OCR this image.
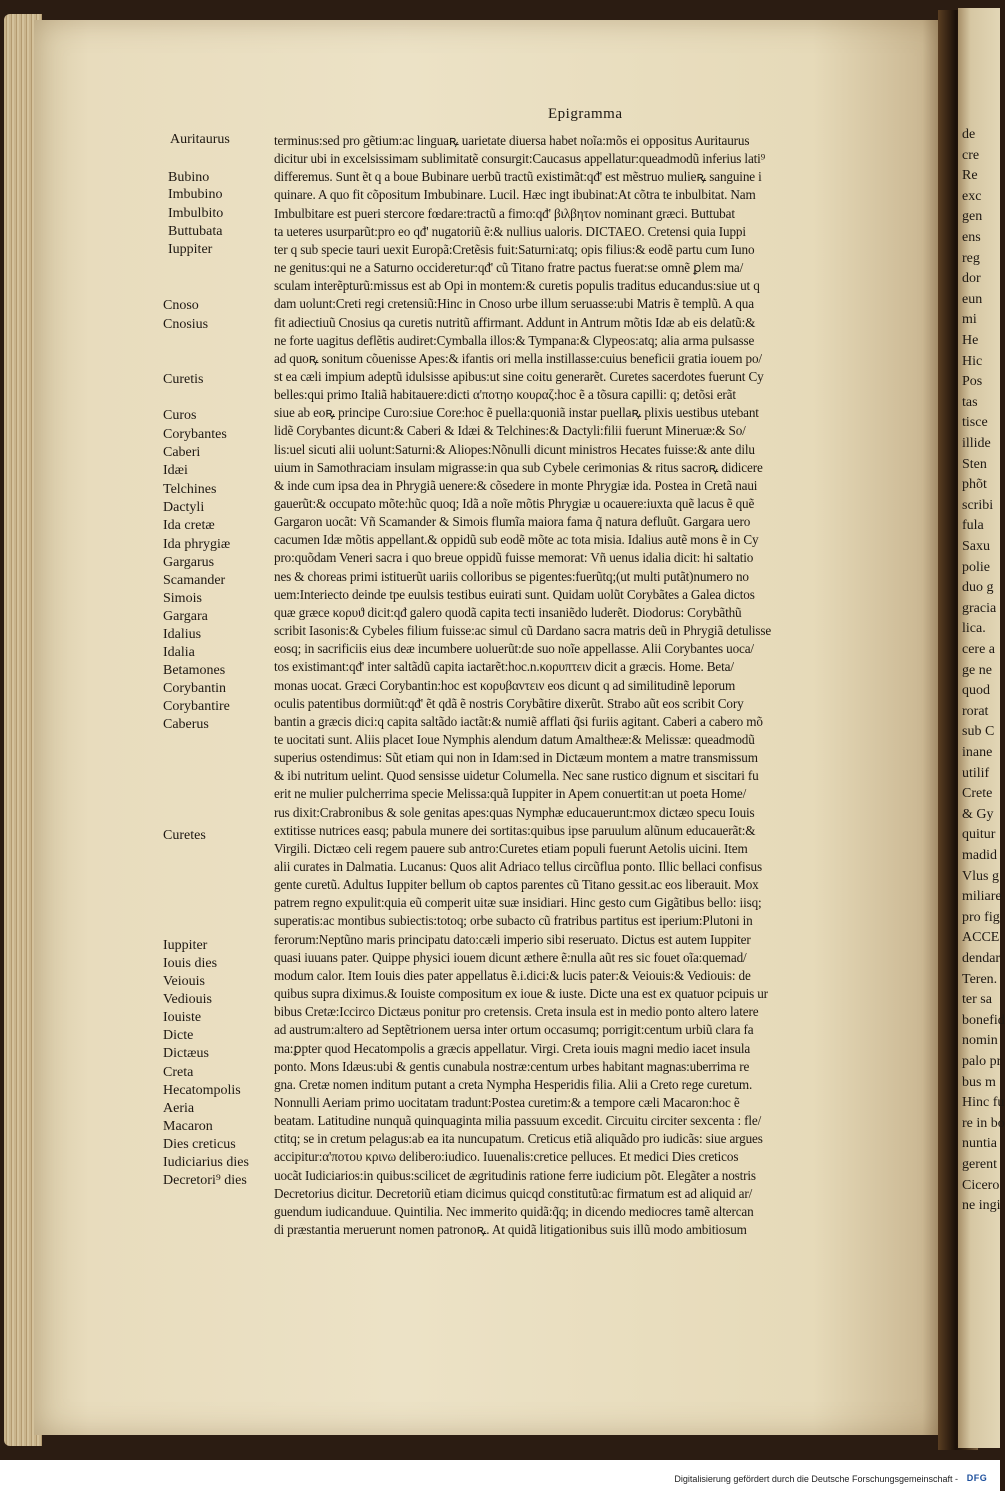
de
cre
Re
exc
gen
ens
reg
dor
eun
mi
He
Hic
Pos
tas
tisce
illide
Sten
phõt
scribi
fula
Saxu
polie
duo g
gracia
lica.
cere a
ge ne
quod
rorat
sub C
inane
utilif
Crete
& Gy
quitur
madid
Vlus g
miliare
pro fig
ACCE
dendar
Teren.
ter sa
bonefid
nomin
palo pr
bus m
Hinc fu
re in bo
nuntia
gerent
Cicero
ne ingi
Epigramma
Auritaurus
Bubino
Imbubino
Imbulbito
Buttubata
Iuppiter
Cnoso
Cnosius
Curetis
Curos
Corybantes
Caberi
Idæi
Telchines
Dactyli
Ida cretæ
Ida phrygiæ
Gargarus
Scamander
Simois
Gargara
Idalius
Idalia
Betamones
Corybantin
Corybantire
Caberus
Curetes
Iuppiter
Iouis dies
Veiouis
Vediouis
Iouiste
Dicte
Dictæus
Creta
Hecatompolis
Aeria
Macaron
Dies creticus
Iudiciarius dies
Decretori⁹ dies
terminus:sed pro gẽtium:ac linguaꝶ uarietate diuersa habet noĩa:mõs ei oppositus Auritaurus
dicitur ubi in excelsissimam sublimitatẽ consurgit:Caucasus appellatur:queadmodũ inferius lati⁹
differemus. Sunt ẽt q a boue Bubinare uerbũ tractũ existimãt:qđ' est mẽstruo mulieꝶ sanguine i
quinare. A quo fit cõpositum Imbubinare. Lucil. Hæc ingt ibubinat:At cõtra te inbulbitat. Nam
Imbulbitare est pueri stercore fœdare:tractũ a fimo:qđ' βιλβητον nominant græci. Buttubat
ta ueteres usurparũt:pro eo qđ' nugatoriũ ẽ:& nullius ualoris. DICTAEO. Cretensi quia Iuppi
ter q sub specie tauri uexit Europã:Cretẽsis fuit:Saturni:atq; opis filius:& eodẽ partu cum Iuno
ne genitus:qui ne a Saturno occideretur:qđ' cũ Titano fratre pactus fuerat:se omnẽ ꝑlem ma/
sculam interẽpturũ:missus est ab Opi in montem:& curetis populis traditus educandus:siue ut q
dam uolunt:Creti regi cretensiũ:Hinc in Cnoso urbe illum seruasse:ubi Matris ẽ templũ. A qua
fit adiectiuũ Cnosius qa curetis nutritũ affirmant. Addunt in Antrum mõtis Idæ ab eis delatũ:&
ne forte uagitus deflẽtis audiret:Cymballa illos:& Tympana:& Clypeos:atq; alia arma pulsasse
ad quoꝶ sonitum cõuenisse Apes:& ifantis ori mella instillasse:cuius beneficii gratia iouem po/
st ea cæli impium adeptũ idulsisse apibus:ut sine coitu generarẽt. Curetes sacerdotes fuerunt Cy
belles:qui primo Italiã habitauere:dicti α'ποτηο κουραζ:hoc ẽ a tõsura capilli: q; detõsi erãt
siue ab eoꝶ principe Curo:siue Core:hoc ẽ puella:quoniã instar puellaꝶ plixis uestibus utebant
lidẽ Corybantes dicunt:& Caberi & Idæi & Telchines:& Dactyli:filii fuerunt Mineruæ:& So/
lis:uel sicuti alii uolunt:Saturni:& Aliopes:Nõnulli dicunt ministros Hecates fuisse:& ante dilu
uium in Samothraciam insulam migrasse:in qua sub Cybele cerimonias & ritus sacroꝶ didicere
& inde cum ipsa dea in Phrygiã uenere:& cõsedere in monte Phrygiæ ida. Postea in Cretã naui
gauerũt:& occupato mõte:hũc quoq; Idã a noĩe mõtis Phrygiæ u ocauere:iuxta quẽ lacus ẽ quẽ
Gargaron uocãt: Vñ Scamander & Simois flumĩa maiora fama q̃ natura defluũt. Gargara uero
cacumen Idæ mõtis appellant.& oppidũ sub eodẽ mõte ac tota misia. Idalius autẽ mons ẽ in Cy
pro:quõdam Veneri sacra i quo breue oppidũ fuisse memorat: Vñ uenus idalia dicit: hi saltatio
nes & choreas primi istituerũt uariis colloribus se pigentes:fuerũtq;(ut multi putãt)numero no
uem:Interiecto deinde tpe euulsis testibus euirati sunt. Quidam uolũt Corybãtes a Galea dictos
quæ græce κορυϑ dicit:qđ galero quodã capita tecti insaniẽdo luderẽt. Diodorus: Corybãthũ
scribit Iasonis:& Cybeles filium fuisse:ac simul cũ Dardano sacra matris deũ in Phrygiã detulisse
eosq; in sacrificiis eius deæ incumbere uoluerũt:de suo noĩe appellasse. Alii Corybantes uoca/
tos existimant:qđ' inter saltãdũ capita iactarẽt:hoc.n.κορυπτειν dicit a græcis. Home. Beta/
monas uocat. Græci Corybantin:hoc est κορυβαντειν eos dicunt q ad similitudinẽ leporum
oculis patentibus dormiũt:qđ' ẽt qdã ẽ nostris Corybãtire dixerũt. Strabo aũt eos scribit Cory
bantin a græcis dici:q capita saltãdo iactãt:& numiẽ afflati q̃si furiis agitant. Caberi a cabero mõ
te uocitati sunt. Aliis placet Ioue Nymphis alendum datum Amaltheæ:& Melissæ: queadmodũ
superius ostendimus: Sũt etiam qui non in Idam:sed in Dictæum montem a matre transmissum
& ibi nutritum uelint. Quod sensisse uidetur Columella. Nec sane rustico dignum et siscitari fu
erit ne mulier pulcherrima specie Melissa:quã Iuppiter in Apem conuertit:an ut poeta Home/
rus dixit:Crabronibus & sole genitas apes:quas Nymphæ educauerunt:mox dictæo specu Iouis
extitisse nutrices easq; pabula munere dei sortitas:quibus ipse paruulum alũnum educauerãt:&
Virgili. Dictæo celi regem pauere sub antro:Curetes etiam populi fuerunt Aetolis uicini. Item
alii curates in Dalmatia. Lucanus: Quos alit Adriaco tellus circũflua ponto. Illic bellaci confisus
gente curetũ. Adultus Iuppiter bellum ob captos parentes cũ Titano gessit.ac eos liberauit. Mox
patrem regno expulit:quia eũ comperit uitæ suæ insidiari. Hinc gesto cum Gigãtibus bello: iisq;
superatis:ac montibus subiectis:totoq; orbe subacto cũ fratribus partitus est iperium:Plutoni in
ferorum:Neptũno maris principatu dato:cæli imperio sibi reseruato. Dictus est autem Iuppiter
quasi iuuans pater. Quippe physici iouem dicunt æthere ẽ:nulla aũt res sic fouet oĩa:quemad/
modum calor. Item Iouis dies pater appellatus ẽ.i.dici:& lucis pater:& Veiouis:& Vediouis: de
quibus supra diximus.& Iouiste compositum ex ioue & iuste. Dicte una est ex quatuor pcipuis ur
bibus Cretæ:Iccirco Dictæus ponitur pro cretensis. Creta insula est in medio ponto altero latere
ad austrum:altero ad Septẽtrionem uersa inter ortum occasumq; porrigit:centum urbiũ clara fa
ma:ꝑpter quod Hecatompolis a græcis appellatur. Virgi. Creta iouis magni medio iacet insula
ponto. Mons Idæus:ubi & gentis cunabula nostræ:centum urbes habitant magnas:uberrima re
gna. Cretæ nomen inditum putant a creta Nympha Hesperidis filia. Alii a Creto rege curetum.
Nonnulli Aeriam primo uocitatam tradunt:Postea curetim:& a tempore cæli Macaron:hoc ẽ
beatam. Latitudine nunquã quinquaginta milia passuum excedit. Circuitu circiter sexcenta : fle/
ctitq; se in cretum pelagus:ab ea ita nuncupatum. Creticus etiã aliquãdo pro iudicãs: siue argues
accipitur:α'ποτου κρινω delibero:iudico. Iuuenalis:cretice pelluces. Et medici Dies creticos
uocãt Iudiciarios:in quibus:scilicet de ægritudinis ratione ferre iudicium põt. Elegãter a nostris
Decretorius dicitur. Decretoriũ etiam dicimus quicqd constitutũ:ac firmatum est ad aliquid ar/
guendum iudicanduue. Quintilia. Nec immerito quidã:q̃q; in dicendo mediocres tamẽ altercan
di præstantia meruerunt nomen patronoꝶ. At quidã litigationibus suis illũ modo ambitiosum
Digitalisierung gefördert durch die Deutsche Forschungsgemeinschaft - DFG
